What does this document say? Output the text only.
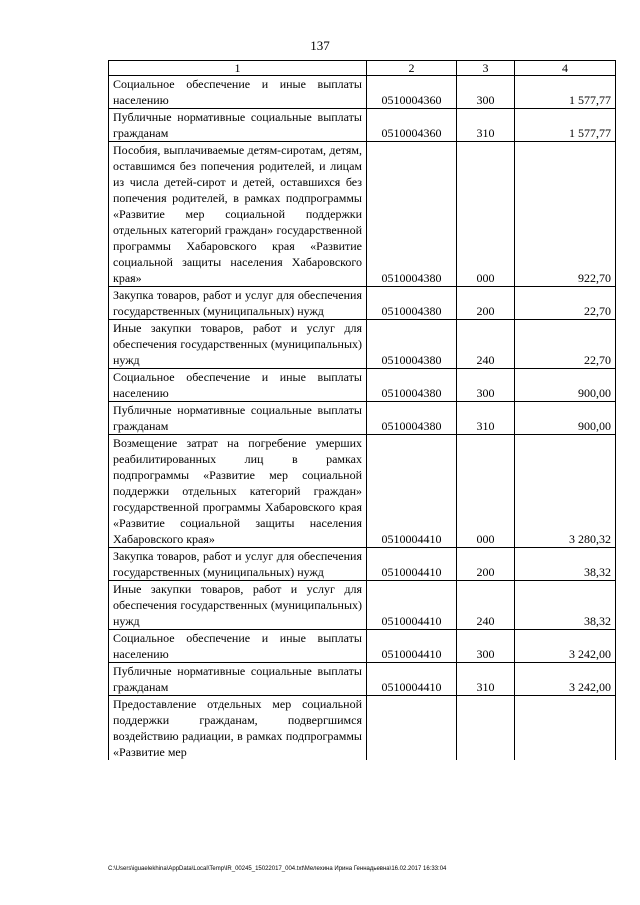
137
1	2	3	4
Социальное обеспечение и иные выплаты населению	0510004360	300	1 577,77
Публичные нормативные социальные выплаты гражданам	0510004360	310	1 577,77
Пособия, выплачиваемые детям-сиротам, детям, оставшимся без попечения родителей, и лицам из числа детей-сирот и детей, оставшихся без попечения родителей, в рамках подпрограммы «Развитие мер социальной поддержки отдельных категорий граждан» государственной программы Хабаровского края «Развитие социальной защиты населения Хабаровского края»	0510004380	000	922,70
Закупка товаров, работ и услуг для обеспечения государственных (муниципальных) нужд	0510004380	200	22,70
Иные закупки товаров, работ и услуг для обеспечения государственных (муниципальных) нужд	0510004380	240	22,70
Социальное обеспечение и иные выплаты населению	0510004380	300	900,00
Публичные нормативные социальные выплаты гражданам	0510004380	310	900,00
Возмещение затрат на погребение умерших реабилитированных лиц в рамках подпрограммы «Развитие мер социальной поддержки отдельных категорий граждан» государственной программы Хабаровского края «Развитие социальной защиты населения Хабаровского края»	0510004410	000	3 280,32
Закупка товаров, работ и услуг для обеспечения государственных (муниципальных) нужд	0510004410	200	38,32
Иные закупки товаров, работ и услуг для обеспечения государственных (муниципальных) нужд	0510004410	240	38,32
Социальное обеспечение и иные выплаты населению	0510004410	300	3 242,00
Публичные нормативные социальные выплаты гражданам	0510004410	310	3 242,00
Предоставление отдельных мер социальной поддержки гражданам, подвергшимся воздействию радиации, в рамках подпрограммы «Развитие мер			
C:\Users\iguaelekhina\AppData\Local\Temp\IR_00245_15022017_004.txt\Мелехина Ирина Геннадьевна\16.02.2017 16:33:04
